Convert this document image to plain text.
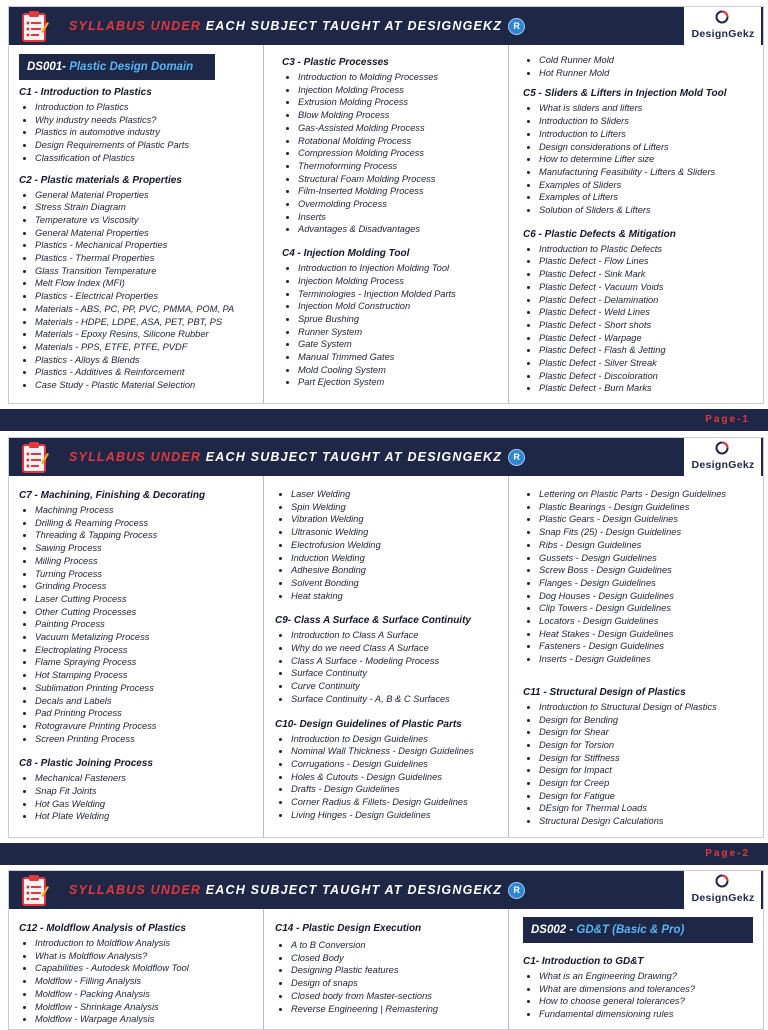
SYLLABUS UNDER EACH SUBJECT TAUGHT AT DESIGNGEKZ R
DesignGekz
DS001- Plastic Design Domain
C1 - Introduction to Plastics
• Introduction to Plastics
• Why industry needs Plastics?
• Plastics in automotive industry
• Design Requirements of Plastic Parts
• Classification of Plastics
C2 - Plastic materials & Properties
• General Material Properties
• Stress Strain Diagram
• Temperature vs Viscosity
• General Material Properties
• Plastics - Mechanical Properties
• Plastics - Thermal Properties
• Glass Transition Temperature
• Melt Flow Index (MFI)
• Plastics - Electrical Properties
• Materials - ABS, PC, PP, PVC, PMMA, POM, PA
• Materials - HDPE, LDPE, ASA, PET, PBT, PS
• Materials - Epoxy Resins, Silicone Rubber
• Materials - PPS, ETFE, PTFE, PVDF
• Plastics - Alloys & Blends
• Plastics - Additives & Reinforcement
• Case Study - Plastic Material Selection
C3 - Plastic Processes
• Introduction to Molding Processes
• Injection Molding Process
• Extrusion Molding Process
• Blow Molding Process
• Gas-Assisted Molding Process
• Rotational Molding Process
• Compression Molding Process
• Thermoforming Process
• Structural Foam Molding Process
• Film-Inserted Molding Process
• Overmolding Process
• Inserts
• Advantages & Disadvantages
C4 - Injection Molding Tool
• Introduction to Injection Molding Tool
• Injection Molding Process
• Terminologies - Injection Molded Parts
• Injection Mold Construction
• Sprue Bushing
• Runner System
• Gate System
• Manual Trimmed Gates
• Mold Cooling System
• Part Ejection System
• Cold Runner Mold
• Hot Runner Mold
C5 - Sliders & Lifters in Injection Mold Tool
• What is sliders and lifters
• Introduction to Sliders
• Introduction to Lifters
• Design considerations of Lifters
• How to determine Lifter size
• Manufacturing Feasibility - Lifters & Sliders
• Examples of Sliders
• Examples of Lifters
• Solution of Sliders & Lifters
C6 - Plastic Defects & Mitigation
• Introduction to Plastic Defects
• Plastic Defect - Flow Lines
• Plastic Defect - Sink Mark
• Plastic Defect - Vacuum Voids
• Plastic Defect - Delamination
• Plastic Defect - Weld Lines
• Plastic Defect - Short shots
• Plastic Defect - Warpage
• Plastic Defect - Flash & Jetting
• Plastic Defect - Silver Streak
• Plastic Defect - Discoloration
• Plastic Defect - Burn Marks
Page-1
SYLLABUS UNDER EACH SUBJECT TAUGHT AT DESIGNGEKZ R
DesignGekz
C7 - Machining, Finishing & Decorating
• Machining Process
• Drilling & Reaming Process
• Threading & Tapping Process
• Sawing Process
• Milling Process
• Turning Process
• Grinding Process
• Laser Cutting Process
• Other Cutting Processes
• Painting Process
• Vacuum Metalizing Process
• Electroplating Process
• Flame Spraying Process
• Hot Stamping Process
• Sublimation Printing Process
• Decals and Labels
• Pad Printing Process
• Rotogravure Printing Process
• Screen Printing Process
C8 - Plastic Joining Process
• Mechanical Fasteners
• Snap Fit Joints
• Hot Gas Welding
• Hot Plate Welding
• Laser Welding
• Spin Welding
• Vibration Welding
• Ultrasonic Welding
• Electrofusion Welding
• Induction Welding
• Adhesive Bonding
• Solvent Bonding
• Heat staking
C9- Class A Surface & Surface Continuity
• Introduction to Class A Surface
• Why do we need Class A Surface
• Class A Surface - Modeling Process
• Surface Continuity
• Curve Continuity
• Surface Continuity - A, B & C Surfaces
C10- Design Guidelines of Plastic Parts
• Introduction to Design Guidelines
• Nominal Wall Thickness - Design Guidelines
• Corrugations - Design Guidelines
• Holes & Cutouts - Design Guidelines
• Drafts - Design Guidelines
• Corner Radius & Fillets- Design Guidelines
• Living Hinges - Design Guidelines
• Lettering on Plastic Parts - Design Guidelines
• Plastic Bearings - Design Guidelines
• Plastic Gears - Design Guidelines
• Snap Fits (25) - Design Guidelines
• Ribs - Design Guidelines
• Gussets - Design Guidelines
• Screw Boss - Design Guidelines
• Flanges - Design Guidelines
• Dog Houses - Design Guidelines
• Clip Towers - Design Guidelines
• Locators - Design Guidelines
• Heat Stakes - Design Guidelines
• Fasteners - Design Guidelines
• Inserts - Design Guidelines
C11 - Structural Design of Plastics
• Introduction to Structural Design of Plastics
• Design for Bending
• Design for Shear
• Design for Torsion
• Design for Stiffness
• Design for Impact
• Design for Creep
• Design for Fatigue
• DEsign for Thermal Loads
• Structural Design Calculations
Page-2
SYLLABUS UNDER EACH SUBJECT TAUGHT AT DESIGNGEKZ R
DesignGekz
C12 - Moldflow Analysis of Plastics
• Introduction to Moldflow Analysis
• What is Moldflow Analysis?
• Capabilities - Autodesk Moldflow Tool
• Moldflow - Filling Analysis
• Moldflow - Packing Analysis
• Moldflow - Shrinkage Analysis
• Moldflow - Warpage Analysis
C14 - Plastic Design Execution
• A to B Conversion
• Closed Body
• Designing Plastic features
• Design of snaps
• Closed body from Master-sections
• Reverse Engineering | Remastering
DS002 - GD&T (Basic & Pro)
C1- Introduction to GD&T
• What is an Engineering Drawing?
• What are dimensions and tolerances?
• How to choose general tolerances?
• Fundamental dimensioning rules
